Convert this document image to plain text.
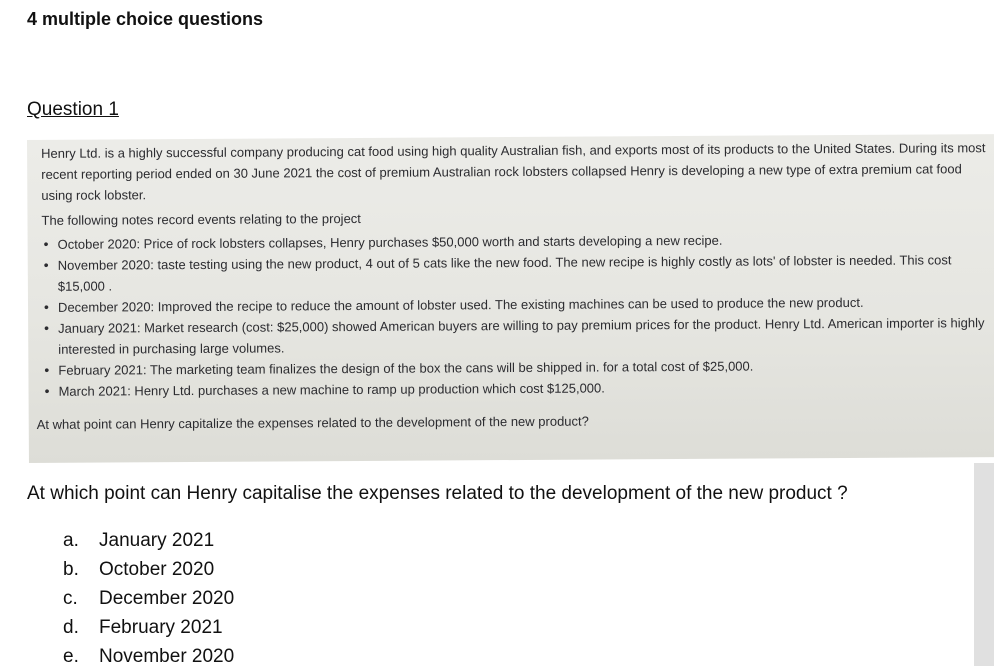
4 multiple choice questions
Question 1

Henry Ltd. is a highly successful company producing cat food using high quality Australian fish, and exports most of its products to the United States. During its most recent reporting period ended on 30 June 2021 the cost of premium Australian rock lobsters collapsed Henry is developing a new type of extra premium cat food using rock lobster.

The following notes record events relating to the project

• October 2020: Price of rock lobsters collapses, Henry purchases $50,000 worth and starts developing a new recipe.
• November 2020: taste testing using the new product, 4 out of 5 cats like the new food. The new recipe is highly costly as lots' of lobster is needed. This cost $15,000 .
• December 2020: Improved the recipe to reduce the amount of lobster used. The existing machines can be used to produce the new product.
• January 2021: Market research (cost: $25,000) showed American buyers are willing to pay premium prices for the product. Henry Ltd. American importer is highly interested in purchasing large volumes.
• February 2021: The marketing team finalizes the design of the box the cans will be shipped in. for a total cost of $25,000.
• March 2021: Henry Ltd. purchases a new machine to ramp up production which cost $125,000.

At what point can Henry capitalize the expenses related to the development of the new product?

At which point can Henry capitalise the expenses related to the development of the new product ?
a.	January 2021
b.	October 2020
c.	December 2020
d.	February 2021
e.	November 2020
